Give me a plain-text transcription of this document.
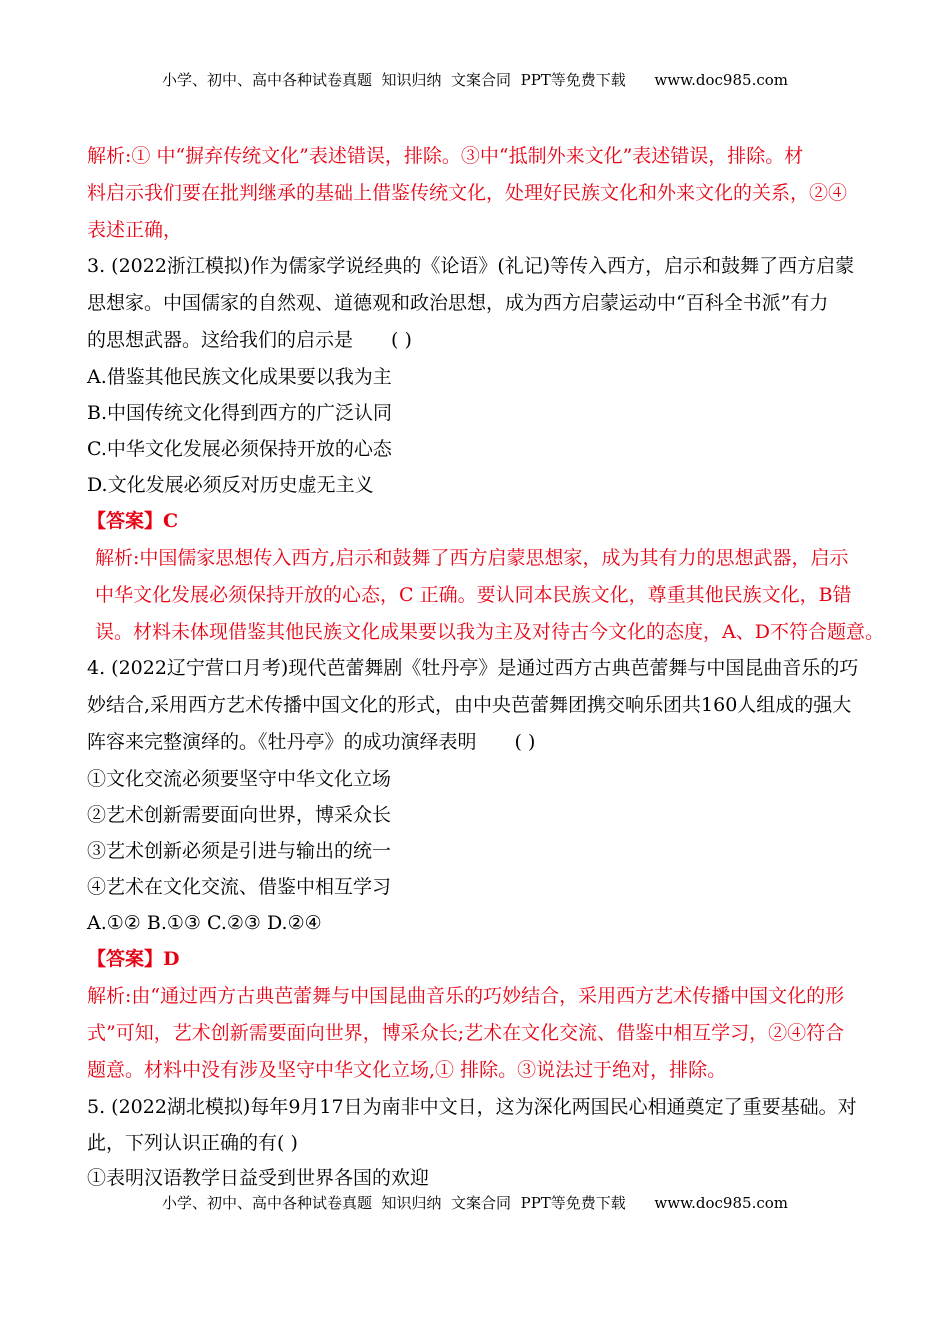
小学、初中、高中各种试卷真题  知识归纳  文案合同  PPT等免费下载      www.doc985.com
解析:① 中“摒弃传统文化”表述错误，排除。③中“抵制外来文化”表述错误，排除。材
料启示我们要在批判继承的基础上借鉴传统文化，处理好民族文化和外来文化的关系，②④
表述正确，
3. (2022浙江模拟)作为儒家学说经典的《论语》(礼记)等传入西方，启示和鼓舞了西方启蒙
思想家。中国儒家的自然观、道德观和政治思想，成为西方启蒙运动中“百科全书派”有力
的思想武器。这给我们的启示是　　( )
A.借鉴其他民族文化成果要以我为主
B.中国传统文化得到西方的广泛认同
C.中华文化发展必须保持开放的心态
D.文化发展必须反对历史虚无主义
【答案】C
解析:中国儒家思想传入西方,启示和鼓舞了西方启蒙思想家，成为其有力的思想武器，启示
中华文化发展必须保持开放的心态，C 正确。要认同本民族文化，尊重其他民族文化，B错
误。材料未体现借鉴其他民族文化成果要以我为主及对待古今文化的态度，A、D不符合题意。
4. (2022辽宁营口月考)现代芭蕾舞剧《牡丹亭》是通过西方古典芭蕾舞与中国昆曲音乐的巧
妙结合,采用西方艺术传播中国文化的形式，由中央芭蕾舞团携交响乐团共160人组成的强大
阵容来完整演绎的。《牡丹亭》的成功演绎表明　　( )
①文化交流必须要坚守中华文化立场
②艺术创新需要面向世界，博采众长
③艺术创新必须是引进与输出的统一
④艺术在文化交流、借鉴中相互学习
A.①② B.①③ C.②③ D.②④
【答案】D
解析:由“通过西方古典芭蕾舞与中国昆曲音乐的巧妙结合，采用西方艺术传播中国文化的形
式”可知，艺术创新需要面向世界，博采众长;艺术在文化交流、借鉴中相互学习，②④符合
题意。材料中没有涉及坚守中华文化立场,① 排除。③说法过于绝对，排除。
5. (2022湖北模拟)每年9月17日为南非中文日，这为深化两国民心相通奠定了重要基础。对
此，下列认识正确的有( )
①表明汉语教学日益受到世界各国的欢迎
小学、初中、高中各种试卷真题  知识归纳  文案合同  PPT等免费下载      www.doc985.com
